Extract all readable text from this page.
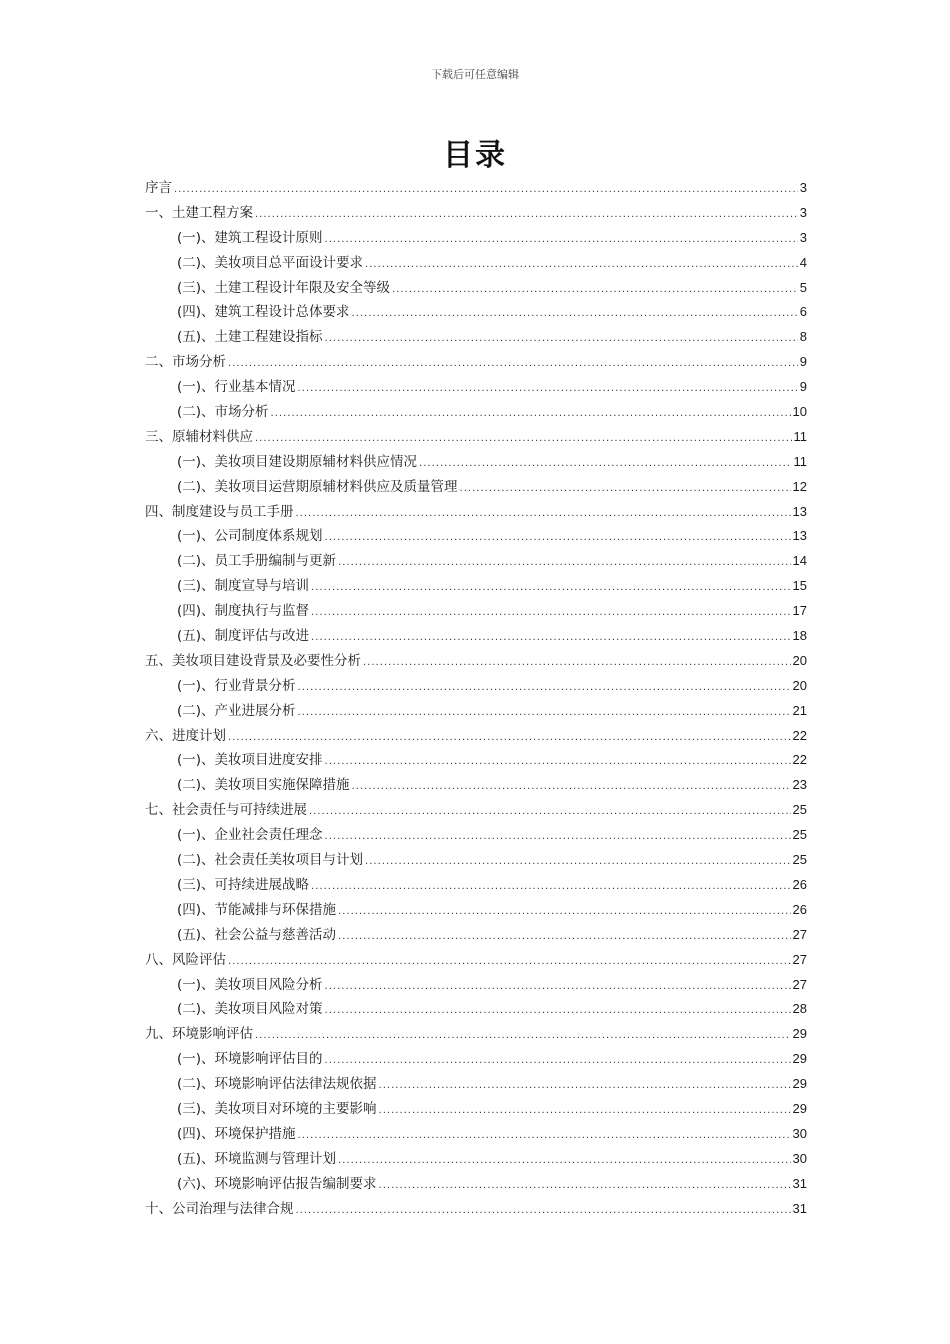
下载后可任意编辑
目录
序言 .....	3
一、土建工程方案 .....	3
(一)、建筑工程设计原则 .....	3
(二)、美妆项目总平面设计要求 .....	4
(三)、土建工程设计年限及安全等级 .....	5
(四)、建筑工程设计总体要求 .....	6
(五)、土建工程建设指标 .....	8
二、市场分析 .....	9
(一)、行业基本情况 .....	9
(二)、市场分析 .....	10
三、原辅材料供应 .....	11
(一)、美妆项目建设期原辅材料供应情况 .....	11
(二)、美妆项目运营期原辅材料供应及质量管理 .....	12
四、制度建设与员工手册 .....	13
(一)、公司制度体系规划 .....	13
(二)、员工手册编制与更新 .....	14
(三)、制度宣导与培训 .....	15
(四)、制度执行与监督 .....	17
(五)、制度评估与改进 .....	18
五、美妆项目建设背景及必要性分析 .....	20
(一)、行业背景分析 .....	20
(二)、产业进展分析 .....	21
六、进度计划 .....	22
(一)、美妆项目进度安排 .....	22
(二)、美妆项目实施保障措施 .....	23
七、社会责任与可持续进展 .....	25
(一)、企业社会责任理念 .....	25
(二)、社会责任美妆项目与计划 .....	25
(三)、可持续进展战略 .....	26
(四)、节能减排与环保措施 .....	26
(五)、社会公益与慈善活动 .....	27
八、风险评估 .....	27
(一)、美妆项目风险分析 .....	27
(二)、美妆项目风险对策 .....	28
九、环境影响评估 .....	29
(一)、环境影响评估目的 .....	29
(二)、环境影响评估法律法规依据 .....	29
(三)、美妆项目对环境的主要影响 .....	29
(四)、环境保护措施 .....	30
(五)、环境监测与管理计划 .....	30
(六)、环境影响评估报告编制要求 .....	31
十、公司治理与法律合规 .....	31
